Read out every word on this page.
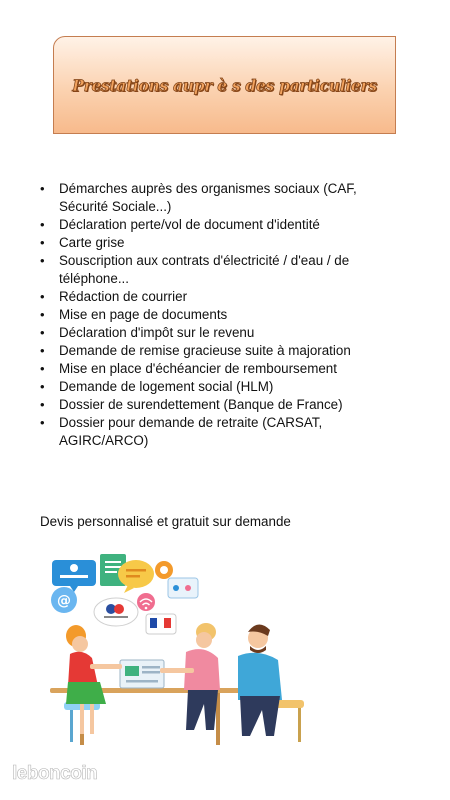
Prestations aupr è s des particuliers
• Démarches auprès des organismes sociaux (CAF, Sécurité Sociale...)
• Déclaration perte/vol de document d'identité
• Carte grise
• Souscription aux contrats d'électricité / d'eau / de téléphone...
• Rédaction de courrier
• Mise en page de documents
• Déclaration d'impôt sur le revenu
• Demande de remise gracieuse suite à majoration
• Mise en place d'échéancier de remboursement
• Demande de logement social (HLM)
• Dossier de surendettement (Banque de France)
• Dossier pour demande de retraite (CARSAT, AGIRC/ARCO)
Devis personnalisé et gratuit sur demande
@
leboncoin
